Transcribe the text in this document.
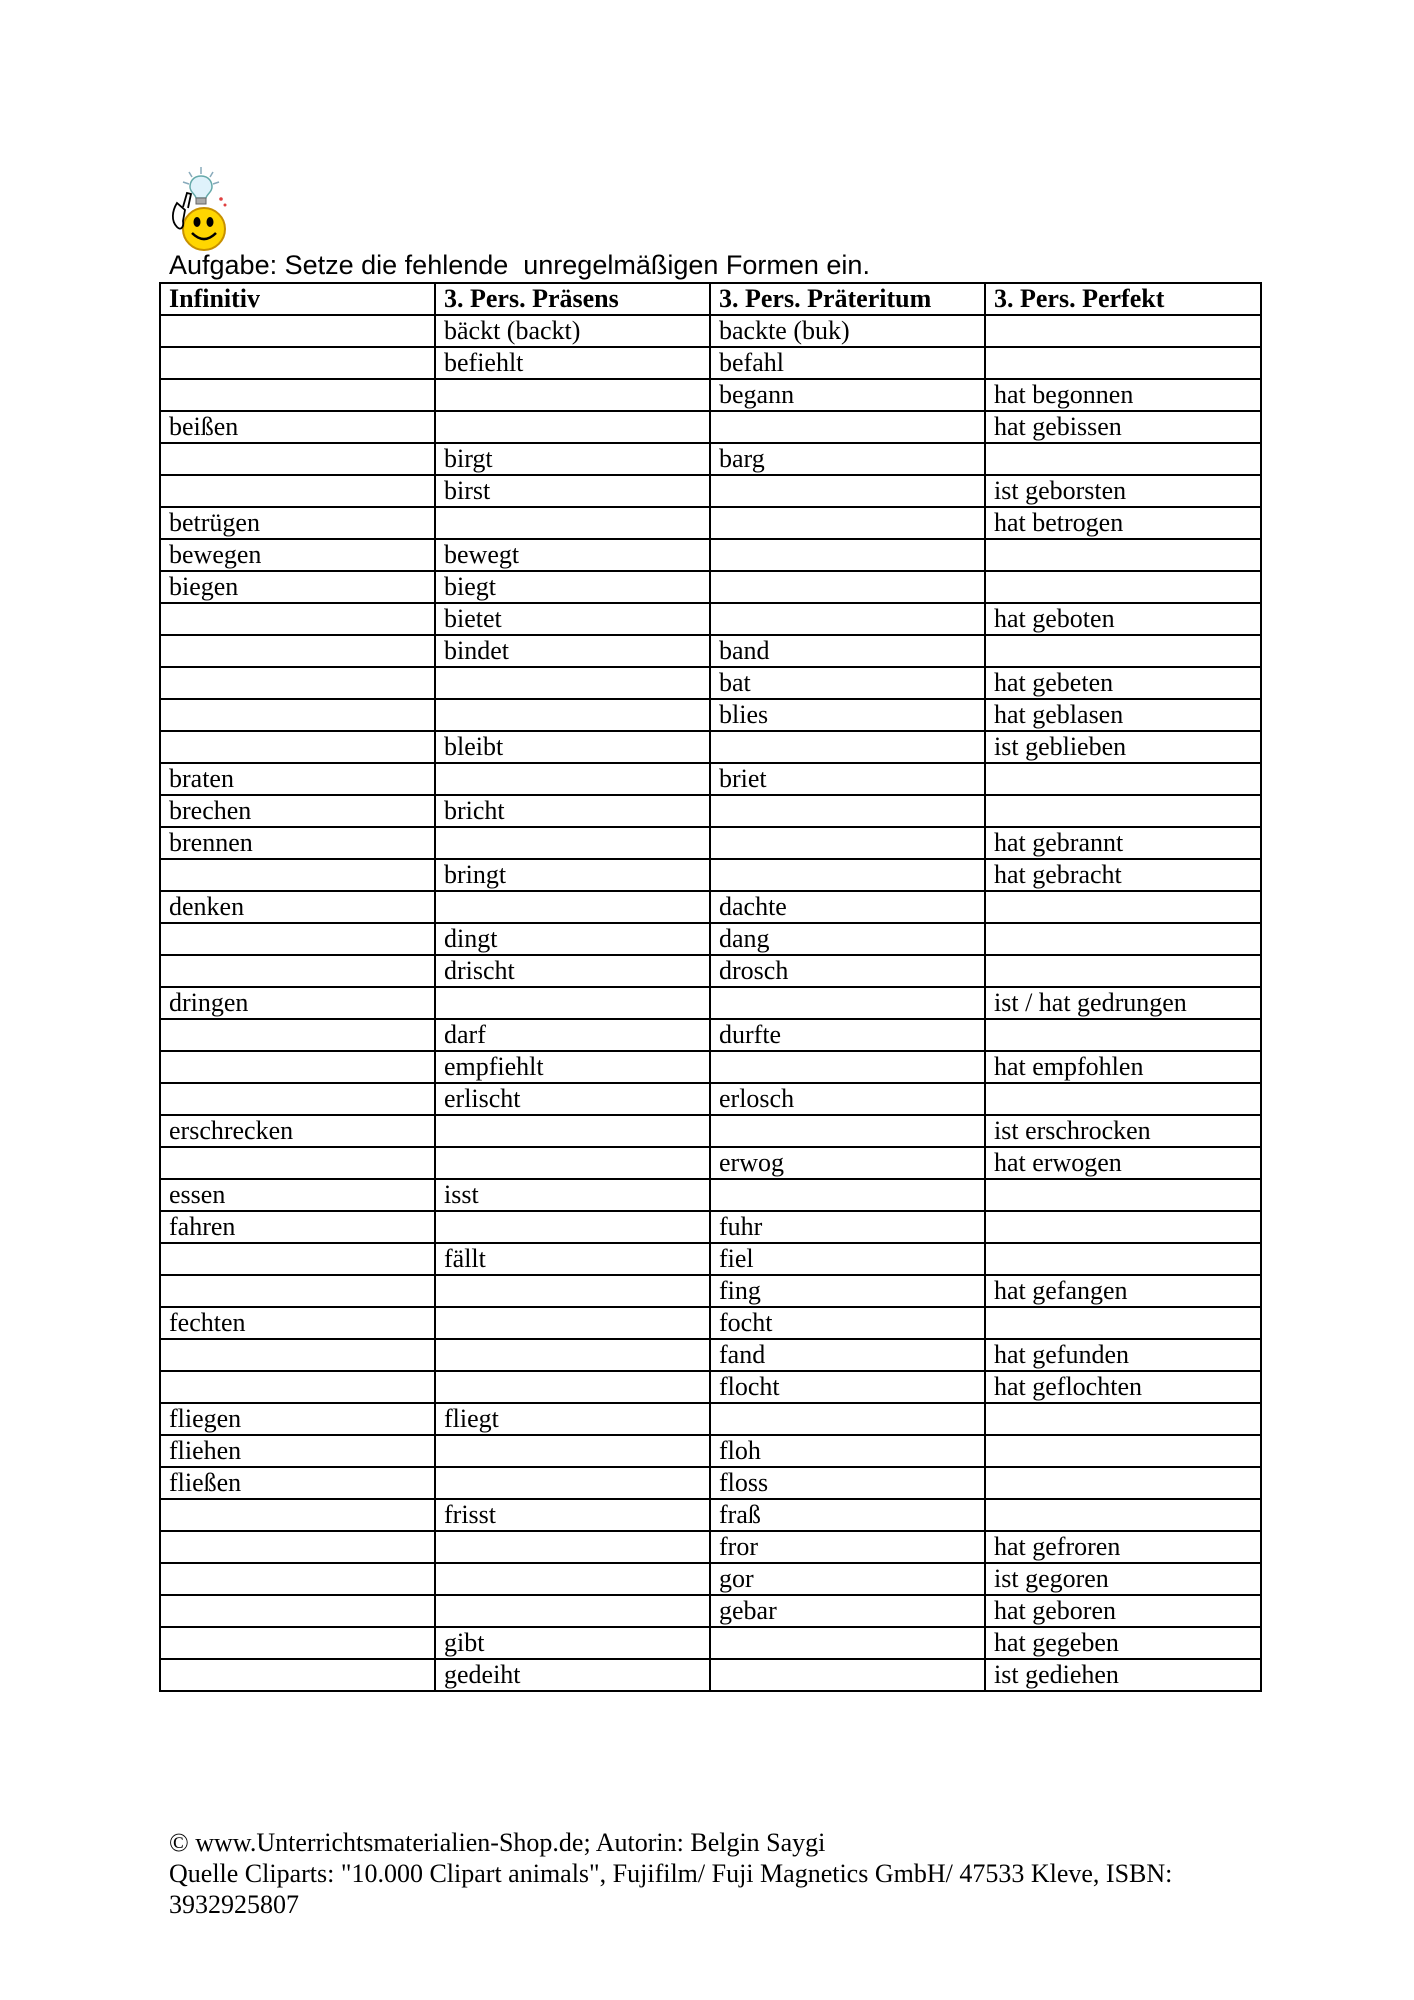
Aufgabe: Setze die fehlende  unregelmäßigen Formen ein.
Infinitiv	3. Pers. Präsens	3. Pers. Präteritum	3. Pers. Perfekt
	bäckt (backt)	backte (buk)	
	befiehlt	befahl	
		begann	hat begonnen
beißen			hat gebissen
	birgt	barg	
	birst		ist geborsten
betrügen			hat betrogen
bewegen	bewegt		
biegen	biegt		
	bietet		hat geboten
	bindet	band	
		bat	hat gebeten
		blies	hat geblasen
	bleibt		ist geblieben
braten		briet	
brechen	bricht		
brennen			hat gebrannt
	bringt		hat gebracht
denken		dachte	
	dingt	dang	
	drischt	drosch	
dringen			ist / hat gedrungen
	darf	durfte	
	empfiehlt		hat empfohlen
	erlischt	erlosch	
erschrecken			ist erschrocken
		erwog	hat erwogen
essen	isst		
fahren		fuhr	
	fällt	fiel	
		fing	hat gefangen
fechten		focht	
		fand	hat gefunden
		flocht	hat geflochten
fliegen	fliegt		
fliehen		floh	
fließen		floss	
	frisst	fraß	
		fror	hat gefroren
		gor	ist gegoren
		gebar	hat geboren
	gibt		hat gegeben
	gedeiht		ist gediehen
© www.Unterrichtsmaterialien-Shop.de; Autorin: Belgin Saygi
Quelle Cliparts: "10.000 Clipart animals", Fujifilm/ Fuji Magnetics GmbH/ 47533 Kleve, ISBN: 3932925807
